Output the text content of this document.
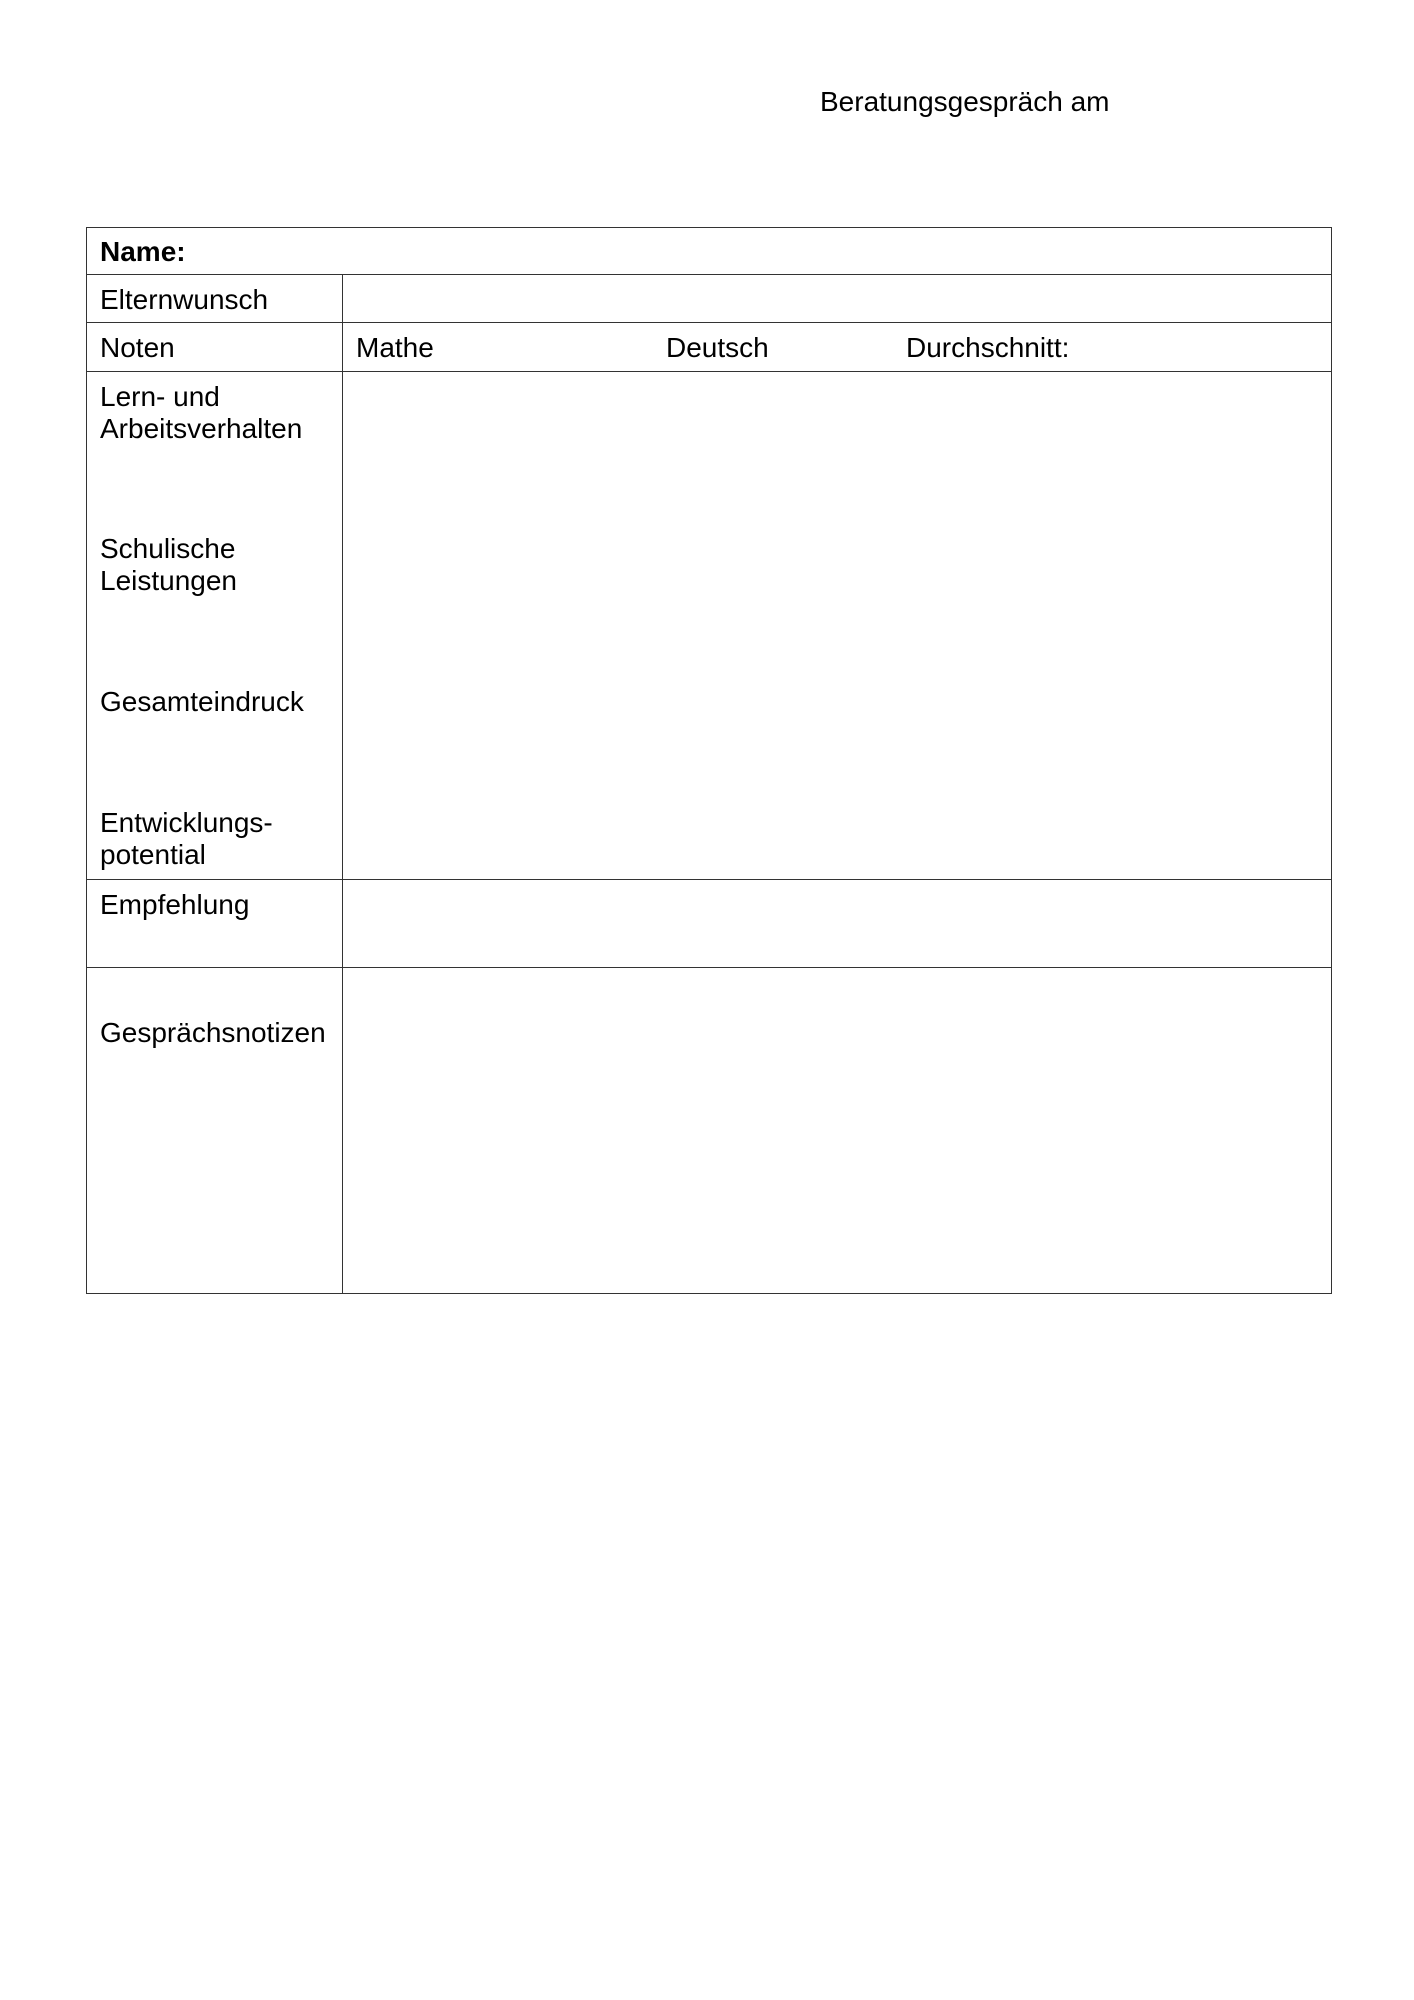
Beratungsgespräch am
Name:
Elternwunsch
Noten	Mathe	Deutsch	Durchschnitt:
Lern- und
Arbeitsverhalten
Schulische
Leistungen
Gesamteindruck
Entwicklungs-
potential
Empfehlung
Gesprächsnotizen
